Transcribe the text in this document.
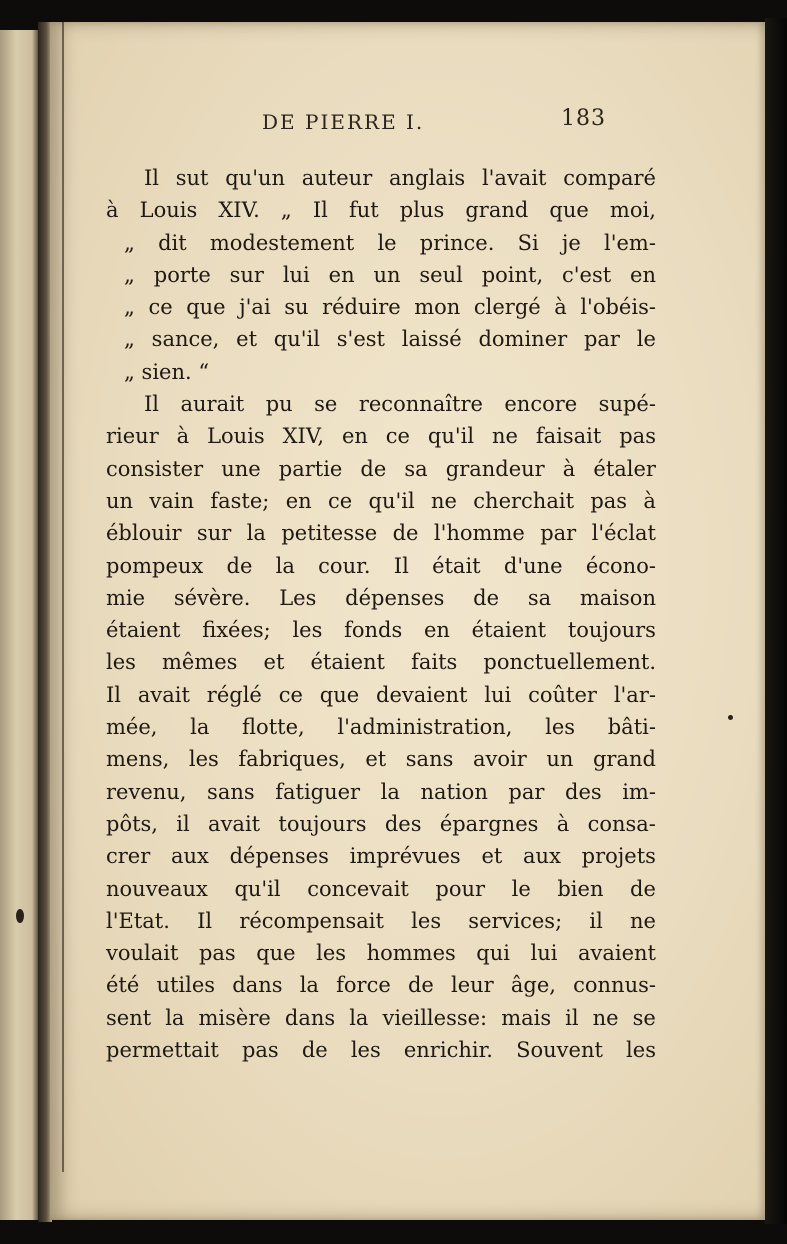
DE PIERRE I.	183
Il sut qu'un auteur anglais l'avait comparé
à Louis XIV. „ Il fut plus grand que moi,
„ dit modestement le prince. Si je l'em-
„ porte sur lui en un seul point, c'est en
„ ce que j'ai su réduire mon clergé à l'obéis-
„ sance, et qu'il s'est laissé dominer par le
„ sien. “
Il aurait pu se reconnaître encore supé-
rieur à Louis XIV, en ce qu'il ne faisait pas
consister une partie de sa grandeur à étaler
un vain faste; en ce qu'il ne cherchait pas à
éblouir sur la petitesse de l'homme par l'éclat
pompeux de la cour. Il était d'une écono-
mie sévère. Les dépenses de sa maison
étaient fixées; les fonds en étaient toujours
les mêmes et étaient faits ponctuellement.
Il avait réglé ce que devaient lui coûter l'ar-
mée, la flotte, l'administration, les bâti-
mens, les fabriques, et sans avoir un grand
revenu, sans fatiguer la nation par des im-
pôts, il avait toujours des épargnes à consa-
crer aux dépenses imprévues et aux projets
nouveaux qu'il concevait pour le bien de
l'Etat. Il récompensait les services; il ne
voulait pas que les hommes qui lui avaient
été utiles dans la force de leur âge, connus-
sent la misère dans la vieillesse: mais il ne se
permettait pas de les enrichir. Souvent les
